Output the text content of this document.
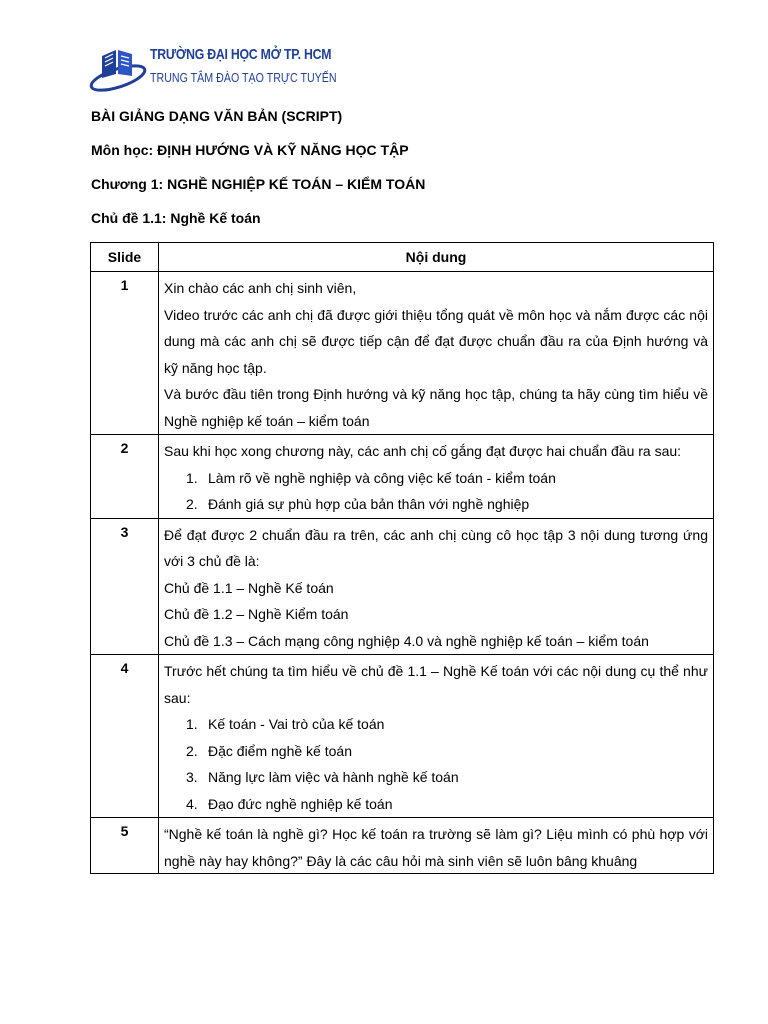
TRƯỜNG ĐẠI HỌC MỞ TP. HCM
TRUNG TÂM ĐÀO TẠO TRỰC TUYẾN
BÀI GIẢNG DẠNG VĂN BẢN (SCRIPT)
Môn học: ĐỊNH HƯỚNG VÀ KỸ NĂNG HỌC TẬP
Chương 1: NGHỀ NGHIỆP KẾ TOÁN – KIỂM TOÁN
Chủ đề 1.1: Nghề Kế toán
Slide	Nội dung
1	Xin chào các anh chị sinh viên,
Video trước các anh chị đã được giới thiệu tổng quát về môn học và nắm được các nội dung mà các anh chị sẽ được tiếp cận để đạt được chuẩn đầu ra của Định hướng và kỹ năng học tập.
Và bước đầu tiên trong Định hướng và kỹ năng học tập, chúng ta hãy cùng tìm hiểu về Nghề nghiệp kế toán – kiểm toán

2	Sau khi học xong chương này, các anh chị cố gắng đạt được hai chuẩn đầu ra sau:
1. Làm rõ về nghề nghiệp và công việc kế toán - kiểm toán
2. Đánh giá sự phù hợp của bản thân với nghề nghiệp

3	Để đạt được 2 chuẩn đầu ra trên, các anh chị cùng cô học tập 3 nội dung tương ứng với 3 chủ đề là:
Chủ đề 1.1 – Nghề Kế toán
Chủ đề 1.2 – Nghề Kiểm toán
Chủ đề 1.3 – Cách mạng công nghiệp 4.0 và nghề nghiệp kế toán – kiểm toán

4	Trước hết chúng ta tìm hiểu về chủ đề 1.1 – Nghề Kế toán với các nội dung cụ thể như sau:
1. Kế toán - Vai trò của kế toán
2. Đặc điểm nghề kế toán
3. Năng lực làm việc và hành nghề kế toán
4. Đạo đức nghề nghiệp kế toán

5	“Nghề kế toán là nghề gì? Học kế toán ra trường sẽ làm gì? Liệu mình có phù hợp với nghề này hay không?” Đây là các câu hỏi mà sinh viên sẽ luôn bâng khuâng
